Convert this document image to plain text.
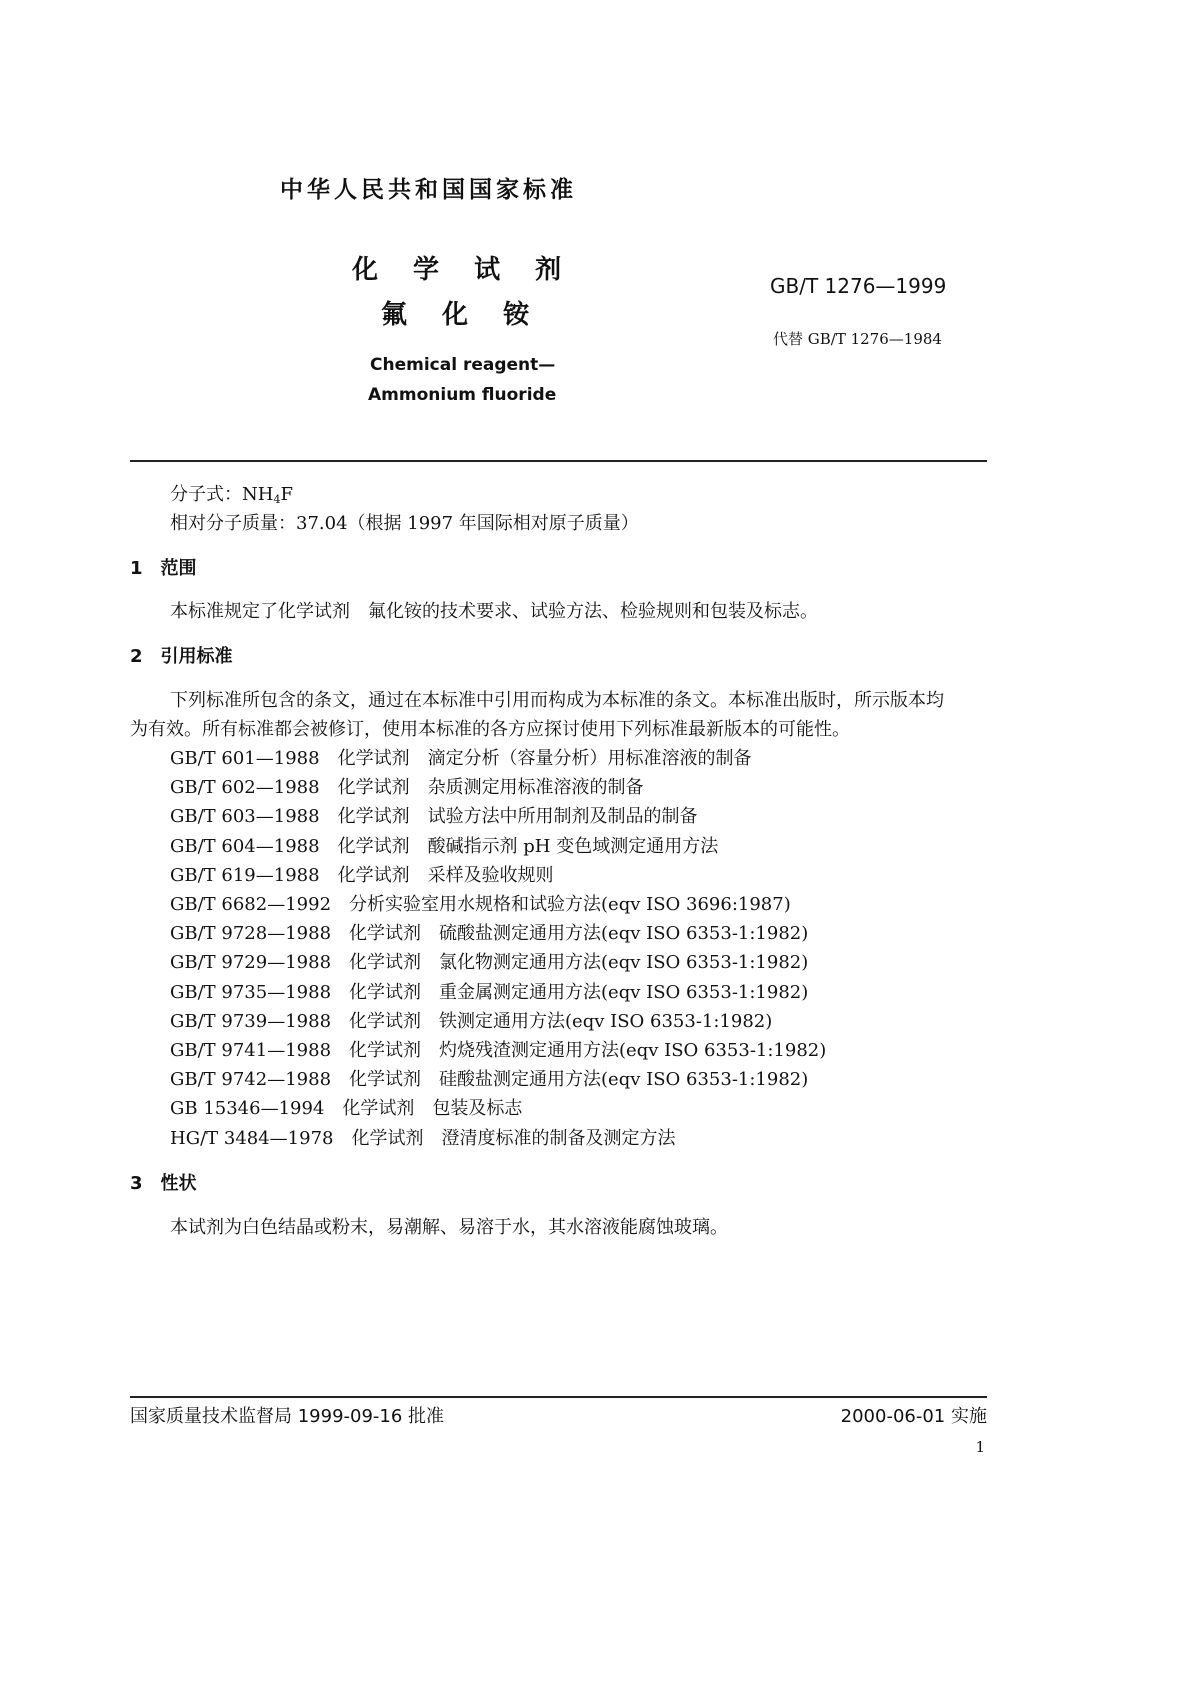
中华人民共和国国家标准
化 学 试 剂
氟 化 铵
GB/T 1276—1999
代替 GB/T 1276—1984
Chemical reagent—
Ammonium fluoride
分子式：$NH_4F$
相对分子质量：37.04（根据 1997 年国际相对原子质量）
1　 范围
本标准规定了化学试剂　氟化铵的技术要求、试验方法、检验规则和包装及标志。
2　 引用标准
下列标准所包含的条文，通过在本标准中引用而构成为本标准的条文。本标准出版时，所示版本均
为有效。所有标准都会被修订，使用本标准的各方应探讨使用下列标准最新版本的可能性。
GB/T 601—1988　化学试剂　滴定分析（容量分析）用标准溶液的制备
GB/T 602—1988　化学试剂　杂质测定用标准溶液的制备
GB/T 603—1988　化学试剂　试验方法中所用制剂及制品的制备
GB/T 604—1988　化学试剂　酸碱指示剂 pH 变色域测定通用方法
GB/T 619—1988　化学试剂　采样及验收规则
GB/T 6682—1992　分析实验室用水规格和试验方法(eqv ISO 3696:1987)
GB/T 9728—1988　化学试剂　硫酸盐测定通用方法(eqv ISO 6353-1:1982)
GB/T 9729—1988　化学试剂　氯化物测定通用方法(eqv ISO 6353-1:1982)
GB/T 9735—1988　化学试剂　重金属测定通用方法(eqv ISO 6353-1:1982)
GB/T 9739—1988　化学试剂　铁测定通用方法(eqv ISO 6353-1:1982)
GB/T 9741—1988　化学试剂　灼烧残渣测定通用方法(eqv ISO 6353-1:1982)
GB/T 9742—1988　化学试剂　硅酸盐测定通用方法(eqv ISO 6353-1:1982)
GB 15346—1994　化学试剂　包装及标志
HG/T 3484—1978　化学试剂　澄清度标准的制备及测定方法
3　 性状
本试剂为白色结晶或粉末，易潮解、易溶于水，其水溶液能腐蚀玻璃。
国家质量技术监督局 1999-09-16 批准	2000-06-01 实施
1
